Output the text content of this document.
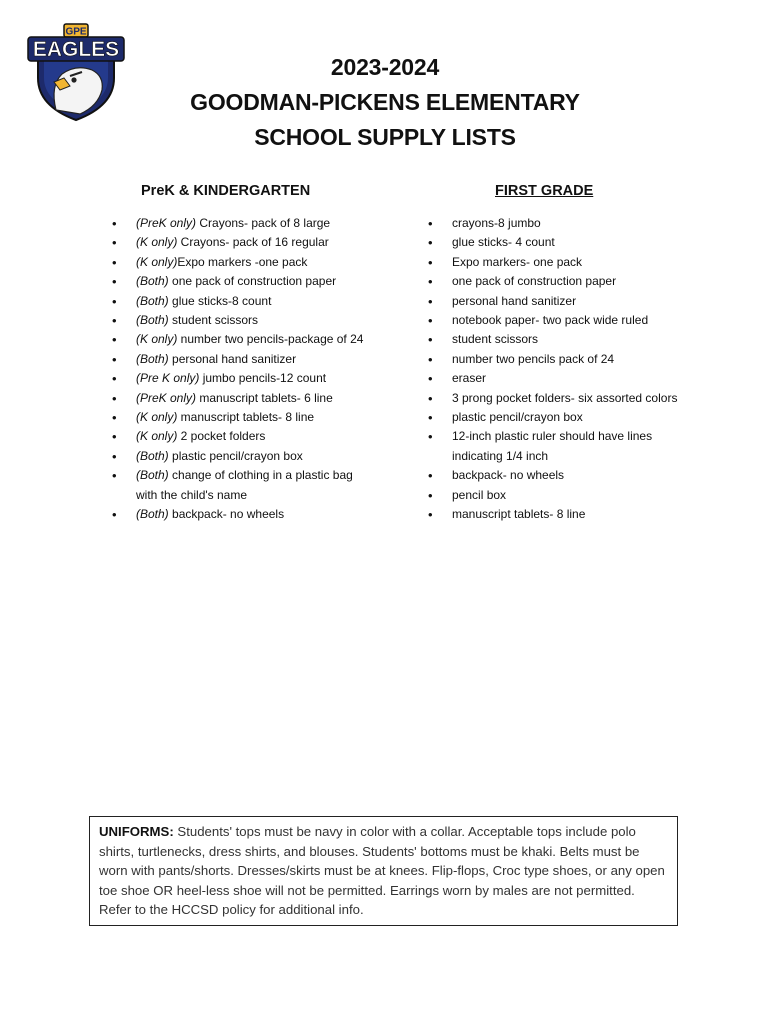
GPE
EAGLES
2023-2024
GOODMAN-PICKENS ELEMENTARY
SCHOOL SUPPLY LISTS
PreK & KINDERGARTEN	FIRST GRADE
• (PreK only) Crayons- pack of 8 large
• (K only) Crayons- pack of 16 regular
• (K only)Expo markers -one pack
• (Both) one pack of construction paper
• (Both) glue sticks-8 count
• (Both) student scissors
• (K only) number two pencils-package of 24
• (Both) personal hand sanitizer
• (Pre K only) jumbo pencils-12 count
• (PreK only) manuscript tablets- 6 line
• (K only) manuscript tablets- 8 line
• (K only) 2 pocket folders
• (Both) plastic pencil/crayon box
• (Both) change of clothing in a plastic bag with the child's name
• (Both) backpack- no wheels
• crayons-8 jumbo
• glue sticks- 4 count
• Expo markers- one pack
• one pack of construction paper
• personal hand sanitizer
• notebook paper- two pack wide ruled
• student scissors
• number two pencils pack of 24
• eraser
• 3 prong pocket folders- six assorted colors
• plastic pencil/crayon box
• 12-inch plastic ruler should have lines indicating 1/4 inch
• backpack- no wheels
• pencil box
• manuscript tablets- 8 line
UNIFORMS: Students' tops must be navy in color with a collar. Acceptable tops include polo shirts, turtlenecks, dress shirts, and blouses. Students' bottoms must be khaki. Belts must be worn with pants/shorts. Dresses/skirts must be at knees. Flip-flops, Croc type shoes, or any open toe shoe OR heel-less shoe will not be permitted. Earrings worn by males are not permitted. Refer to the HCCSD policy for additional info.
